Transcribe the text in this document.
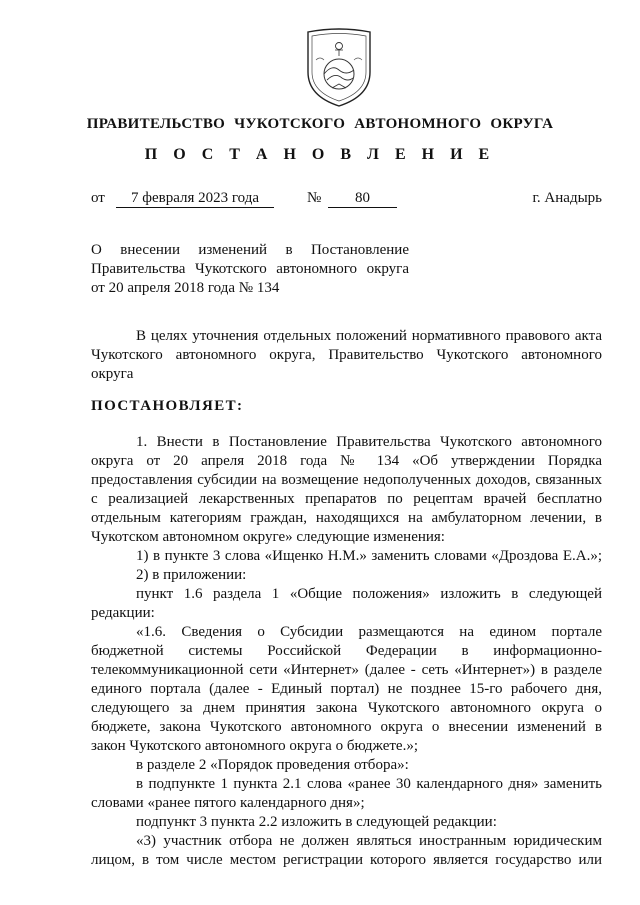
ПРАВИТЕЛЬСТВО ЧУКОТСКОГО АВТОНОМНОГО ОКРУГА
П О С Т А Н О В Л Е Н И Е
от	7 февраля 2023 года	№	80	г. Анадырь
О внесении изменений в Постановление
Правительства Чукотского автономного округа
от 20 апреля 2018 года № 134
В целях уточнения отдельных положений нормативного правового акта
Чукотского автономного округа, Правительство Чукотского автономного
округа
ПОСТАНОВЛЯЕТ:
1. Внести в Постановление Правительства Чукотского автономного
округа от 20 апреля 2018 года № 134 «Об утверждении Порядка
предоставления субсидии на возмещение недополученных доходов, связанных
с реализацией лекарственных препаратов по рецептам врачей бесплатно
отдельным категориям граждан, находящихся на амбулаторном лечении, в
Чукотском автономном округе» следующие изменения:
1) в пункте 3 слова «Ищенко Н.М.» заменить словами «Дроздова Е.А.»;
2) в приложении:
пункт 1.6 раздела 1 «Общие положения» изложить в следующей
редакции:
«1.6. Сведения о Субсидии размещаются на едином портале
бюджетной системы Российской Федерации в информационно-
телекоммуникационной сети «Интернет» (далее - сеть «Интернет») в разделе
единого портала (далее - Единый портал) не позднее 15-го рабочего дня,
следующего за днем принятия закона Чукотского автономного округа о
бюджете, закона Чукотского автономного округа о внесении изменений в
закон Чукотского автономного округа о бюджете.»;
в разделе 2 «Порядок проведения отбора»:
в подпункте 1 пункта 2.1 слова «ранее 30 календарного дня» заменить
словами «ранее пятого календарного дня»;
подпункт 3 пункта 2.2 изложить в следующей редакции:
«3) участник отбора не должен являться иностранным юридическим
лицом, в том числе местом регистрации которого является государство или
